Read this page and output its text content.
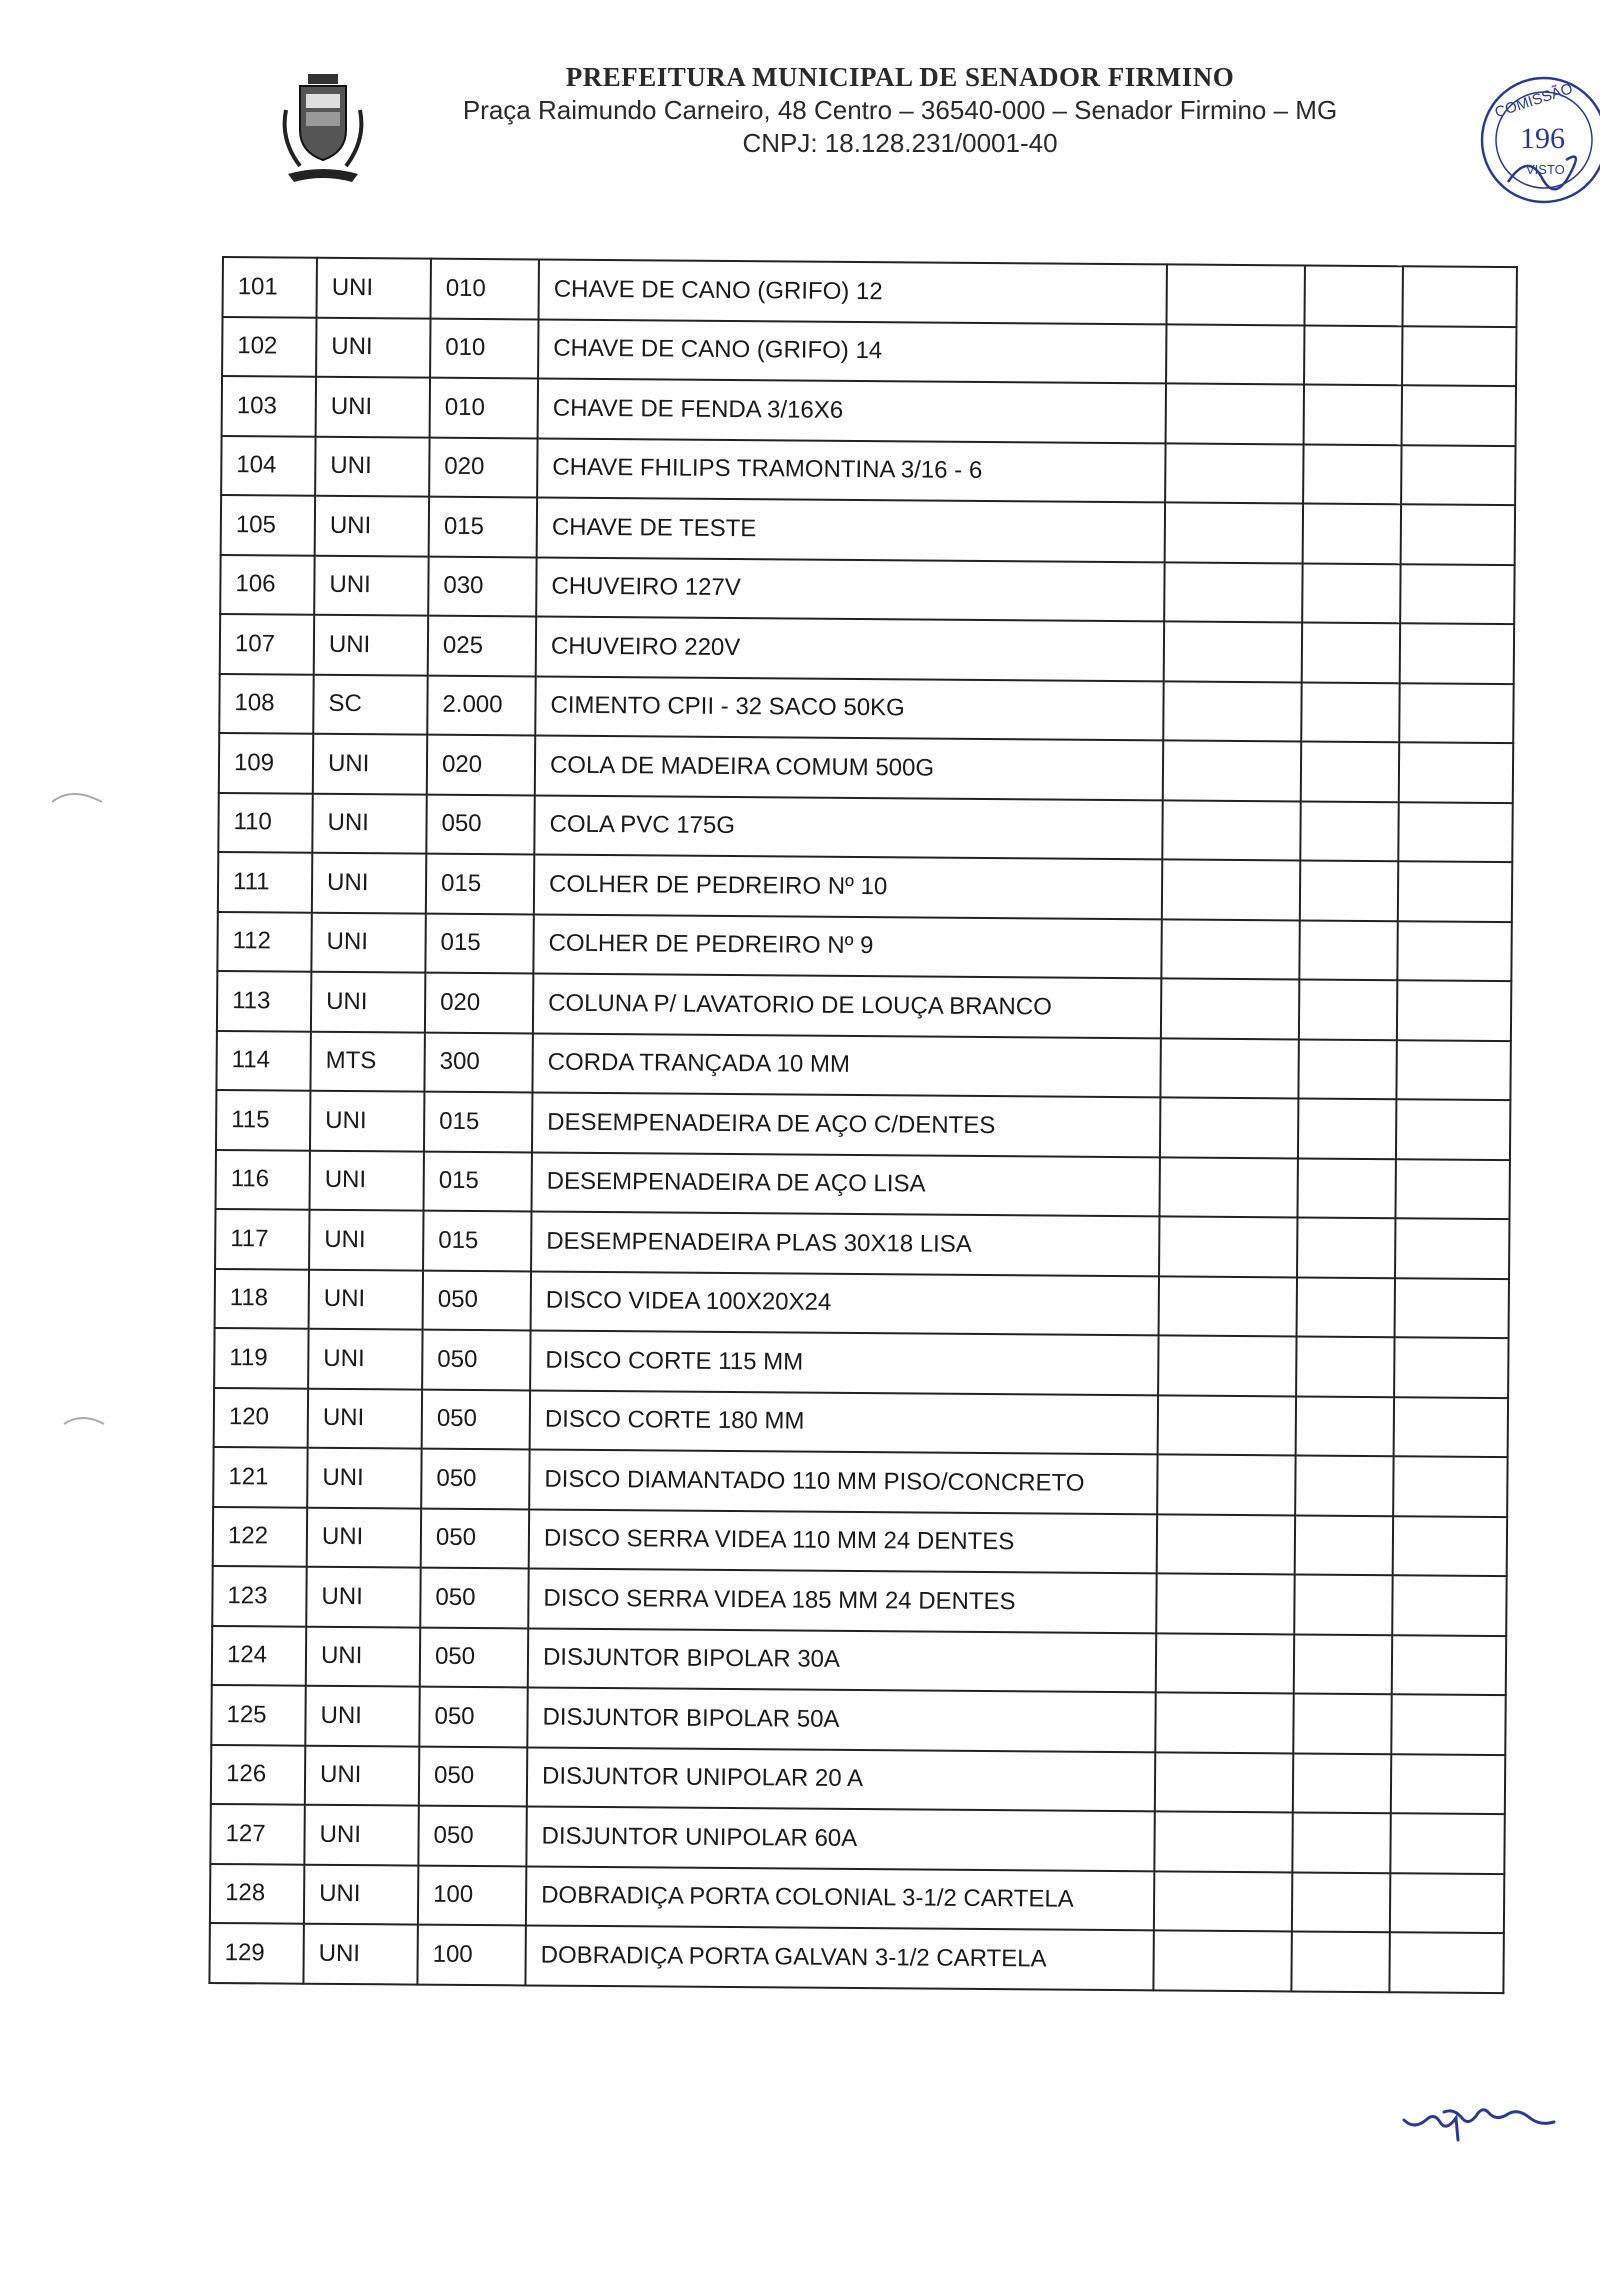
PREFEITURA MUNICIPAL DE SENADOR FIRMINO
Praça Raimundo Carneiro, 48 Centro – 36540-000 – Senador Firmino – MG
CNPJ: 18.128.231/0001-40
COMISSÃO
196
VISTO
101	UNI	010	CHAVE DE CANO (GRIFO) 12			
102	UNI	010	CHAVE DE CANO (GRIFO) 14			
103	UNI	010	CHAVE DE FENDA 3/16X6			
104	UNI	020	CHAVE FHILIPS TRAMONTINA 3/16 - 6			
105	UNI	015	CHAVE DE TESTE			
106	UNI	030	CHUVEIRO 127V			
107	UNI	025	CHUVEIRO 220V			
108	SC	2.000	CIMENTO CPII - 32 SACO 50KG			
109	UNI	020	COLA DE MADEIRA COMUM 500G			
110	UNI	050	COLA PVC 175G			
111	UNI	015	COLHER DE PEDREIRO Nº 10			
112	UNI	015	COLHER DE PEDREIRO Nº 9			
113	UNI	020	COLUNA P/ LAVATORIO DE LOUÇA BRANCO			
114	MTS	300	CORDA TRANÇADA 10 MM			
115	UNI	015	DESEMPENADEIRA DE AÇO C/DENTES			
116	UNI	015	DESEMPENADEIRA DE AÇO LISA			
117	UNI	015	DESEMPENADEIRA PLAS 30X18 LISA			
118	UNI	050	DISCO VIDEA 100X20X24			
119	UNI	050	DISCO CORTE 115 MM			
120	UNI	050	DISCO CORTE 180 MM			
121	UNI	050	DISCO DIAMANTADO 110 MM PISO/CONCRETO			
122	UNI	050	DISCO SERRA VIDEA 110 MM 24 DENTES			
123	UNI	050	DISCO SERRA VIDEA 185 MM 24 DENTES			
124	UNI	050	DISJUNTOR BIPOLAR 30A			
125	UNI	050	DISJUNTOR BIPOLAR 50A			
126	UNI	050	DISJUNTOR UNIPOLAR 20 A			
127	UNI	050	DISJUNTOR UNIPOLAR 60A			
128	UNI	100	DOBRADIÇA PORTA COLONIAL 3-1/2 CARTELA			
129	UNI	100	DOBRADIÇA PORTA GALVAN 3-1/2 CARTELA			
